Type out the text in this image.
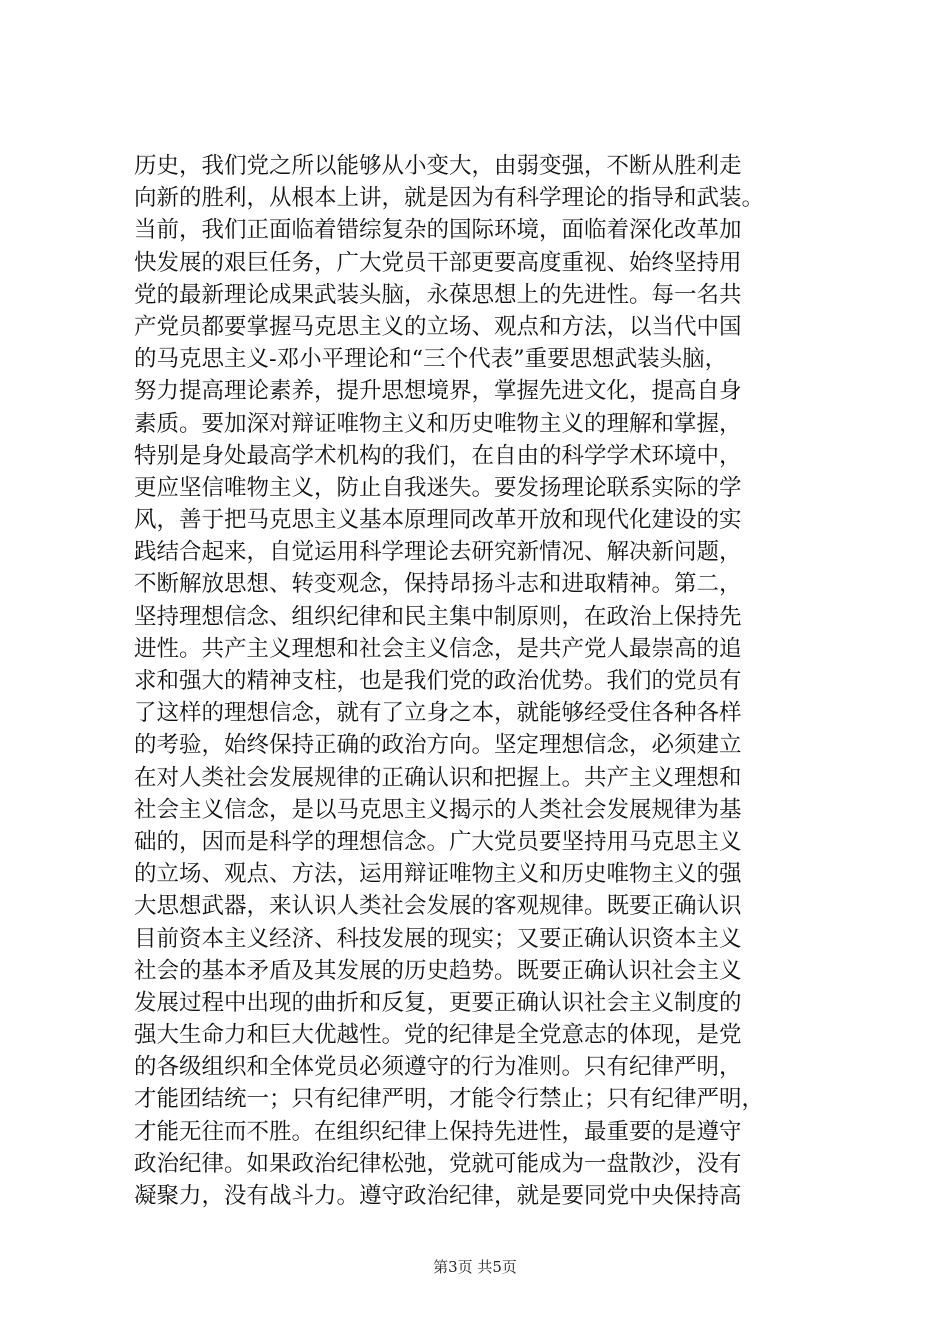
历史，我们党之所以能够从小变大，由弱变强，不断从胜利走
向新的胜利，从根本上讲，就是因为有科学理论的指导和武装。
当前，我们正面临着错综复杂的国际环境，面临着深化改革加
快发展的艰巨任务，广大党员干部更要高度重视、始终坚持用
党的最新理论成果武装头脑，永葆思想上的先进性。每一名共
产党员都要掌握马克思主义的立场、观点和方法，以当代中国
的马克思主义-邓小平理论和“三个代表”重要思想武装头脑，
努力提高理论素养，提升思想境界，掌握先进文化，提高自身
素质。要加深对辩证唯物主义和历史唯物主义的理解和掌握，
特别是身处最高学术机构的我们，在自由的科学学术环境中，
更应坚信唯物主义，防止自我迷失。要发扬理论联系实际的学
风，善于把马克思主义基本原理同改革开放和现代化建设的实
践结合起来，自觉运用科学理论去研究新情况、解决新问题，
不断解放思想、转变观念，保持昂扬斗志和进取精神。第二，
坚持理想信念、组织纪律和民主集中制原则，在政治上保持先
进性。共产主义理想和社会主义信念，是共产党人最崇高的追
求和强大的精神支柱，也是我们党的政治优势。我们的党员有
了这样的理想信念，就有了立身之本，就能够经受住各种各样
的考验，始终保持正确的政治方向。坚定理想信念，必须建立
在对人类社会发展规律的正确认识和把握上。共产主义理想和
社会主义信念，是以马克思主义揭示的人类社会发展规律为基
础的，因而是科学的理想信念。广大党员要坚持用马克思主义
的立场、观点、方法，运用辩证唯物主义和历史唯物主义的强
大思想武器，来认识人类社会发展的客观规律。既要正确认识
目前资本主义经济、科技发展的现实；又要正确认识资本主义
社会的基本矛盾及其发展的历史趋势。既要正确认识社会主义
发展过程中出现的曲折和反复，更要正确认识社会主义制度的
强大生命力和巨大优越性。党的纪律是全党意志的体现，是党
的各级组织和全体党员必须遵守的行为准则。只有纪律严明，
才能团结统一；只有纪律严明，才能令行禁止；只有纪律严明，
才能无往而不胜。在组织纪律上保持先进性，最重要的是遵守
政治纪律。如果政治纪律松弛，党就可能成为一盘散沙，没有
凝聚力，没有战斗力。遵守政治纪律，就是要同党中央保持高
第3页 共5页
